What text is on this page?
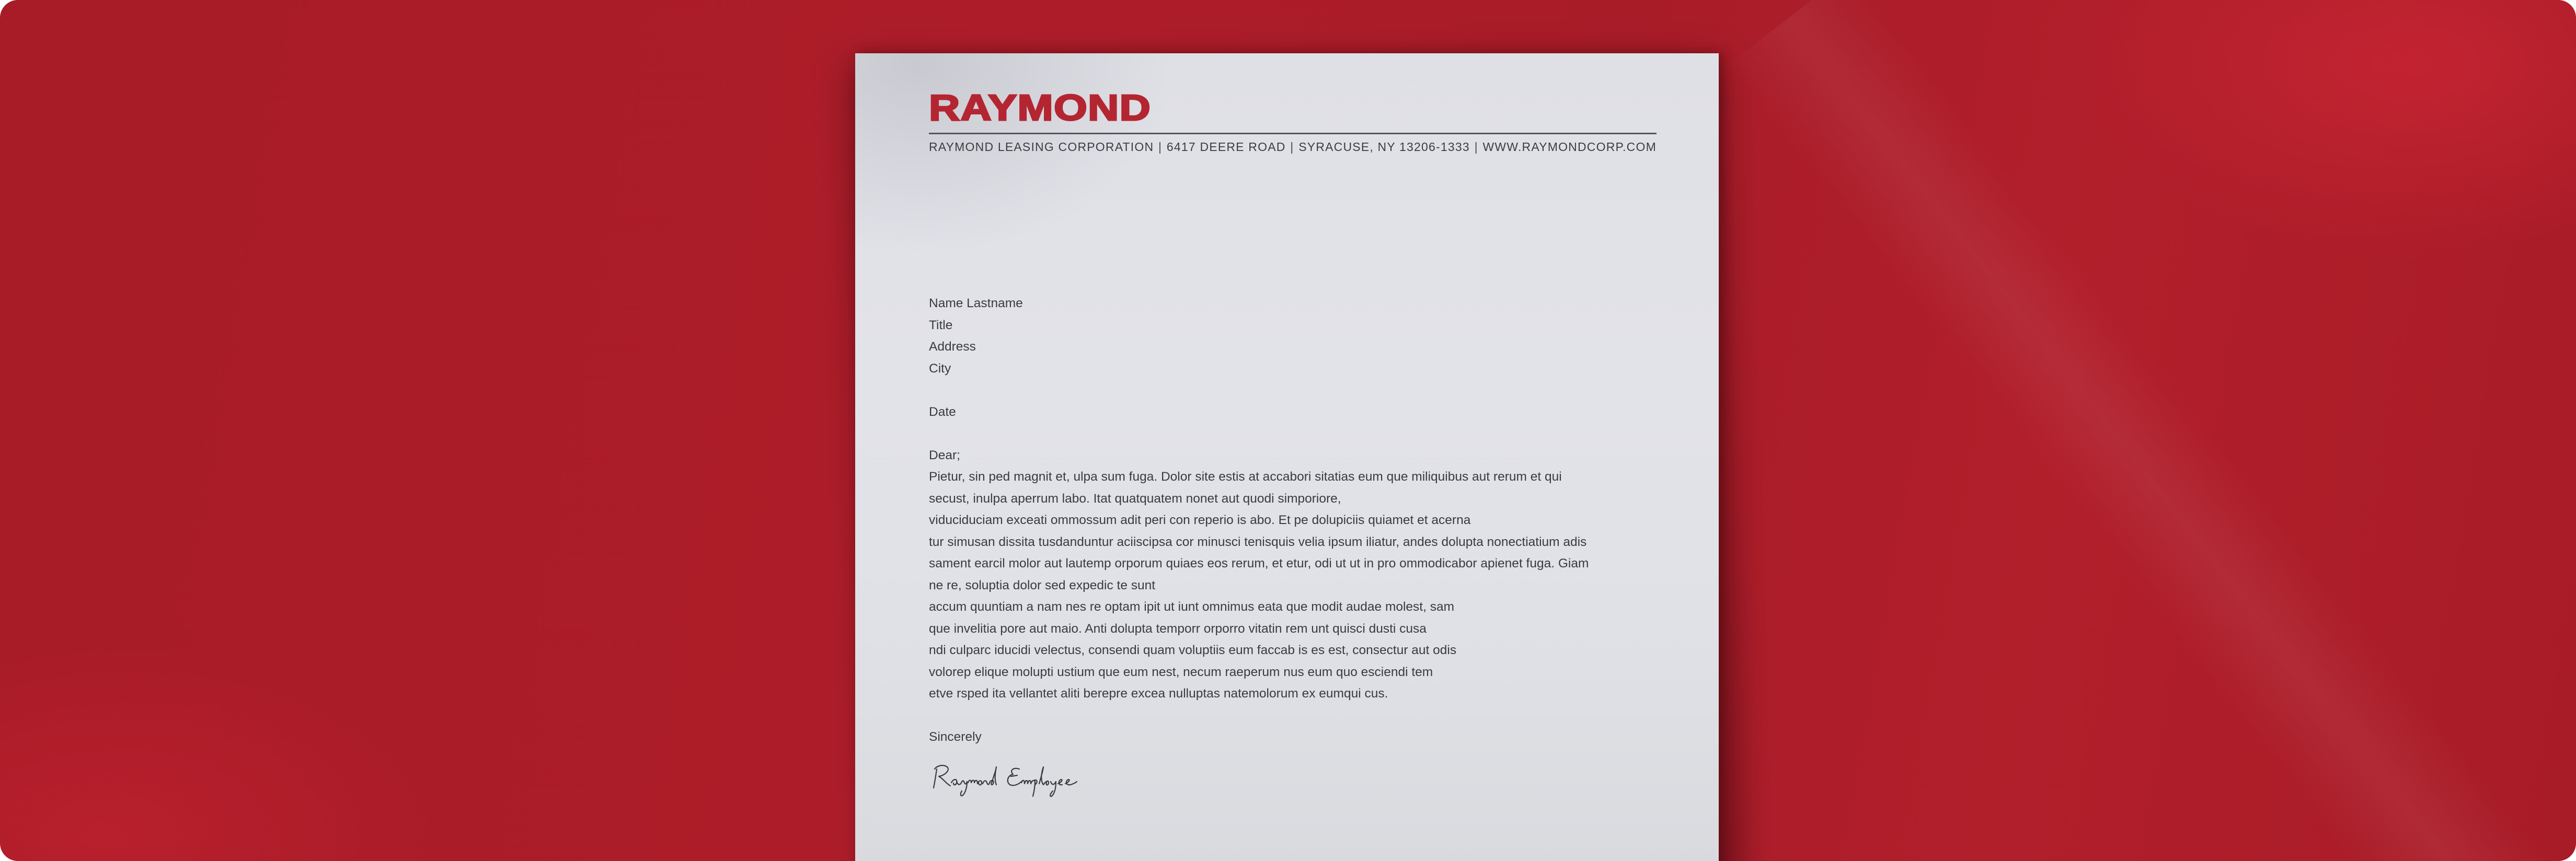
RAYMOND
RAYMOND LEASING CORPORATION | 6417 DEERE ROAD | SYRACUSE, NY 13206-1333 | WWW.RAYMONDCORP.COM
Name Lastname
Title
Address
City
Date
Dear;
Pietur, sin ped magnit et, ulpa sum fuga. Dolor site estis at accabori sitatias eum que miliquibus aut rerum et qui
secust, inulpa aperrum labo. Itat quatquatem nonet aut quodi simporiore,
viduciduciam exceati ommossum adit peri con reperio is abo. Et pe dolupiciis quiamet et acerna
tur simusan dissita tusdanduntur aciiscipsa cor minusci tenisquis velia ipsum iliatur, andes dolupta nonectiatium adis
sament earcil molor aut lautemp orporum quiaes eos rerum, et etur, odi ut ut in pro ommodicabor apienet fuga. Giam
ne re, soluptia dolor sed expedic te sunt
accum quuntiam a nam nes re optam ipit ut iunt omnimus eata que modit audae molest, sam
que invelitia pore aut maio. Anti dolupta temporr orporro vitatin rem unt quisci dusti cusa
ndi culparc iducidi velectus, consendi quam voluptiis eum faccab is es est, consectur aut odis
volorep elique molupti ustium que eum nest, necum raeperum nus eum quo esciendi tem
etve rsped ita vellantet aliti berepre excea nulluptas natemolorum ex eumqui cus.
Sincerely
